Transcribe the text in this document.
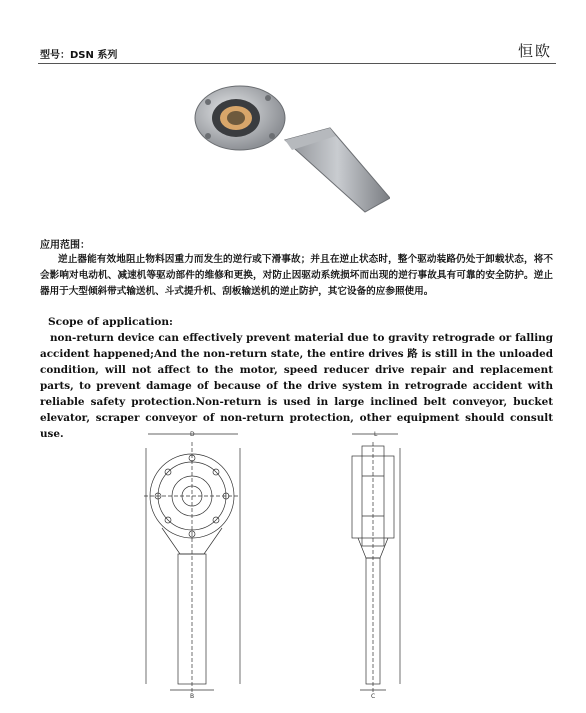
型号：DSN 系列	恒欧
应用范围：
逆止器能有效地阻止物料因重力而发生的逆行或下滑事故；并且在逆止状态时，整个驱动装路仍处于卸载状态，将不会影响对电动机、减速机等驱动部件的维修和更换，对防止因驱动系统损坏而出现的逆行事故具有可靠的安全防护。逆止器用于大型倾斜带式输送机、斗式提升机、刮板输送机的逆止防护，其它设备的应参照使用。
Scope of application:
non-return device can effectively prevent material due to gravity retrograde or falling accident happened;And the non-return state, the entire drives 路 is still in the unloaded condition, will not affect to the motor, speed reducer drive repair and replacement parts, to prevent damage of because of the drive system in retrograde accident with reliable safety protection.Non-return is used in large inclined belt conveyor, bucket elevator, scraper conveyor of non-return protection, other equipment should consult use.	D
B
L
C
